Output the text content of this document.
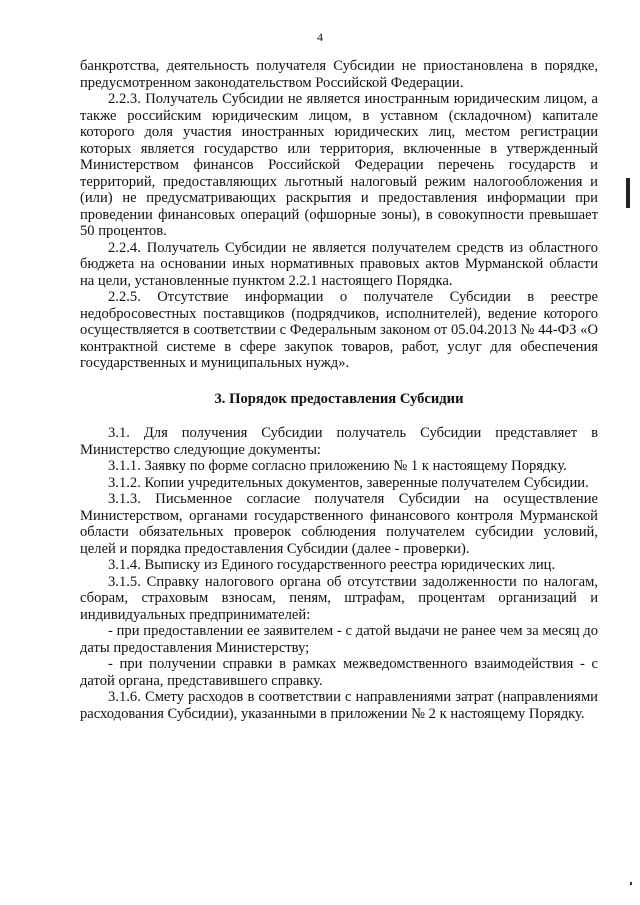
4

банкротства, деятельность получателя Субсидии не приостановлена в порядке, предусмотренном законодательством Российской Федерации.

2.2.3. Получатель Субсидии не является иностранным юридическим лицом, а также российским юридическим лицом, в уставном (складочном) капитале которого доля участия иностранных юридических лиц, местом регистрации которых является государство или территория, включенные в утвержденный Министерством финансов Российской Федерации перечень государств и территорий, предоставляющих льготный налоговый режим налогообложения и (или) не предусматривающих раскрытия и предоставления информации при проведении финансовых операций (офшорные зоны), в совокупности превышает 50 процентов.

2.2.4. Получатель Субсидии не является получателем средств из областного бюджета на основании иных нормативных правовых актов Мурманской области на цели, установленные пунктом 2.2.1 настоящего Порядка.

2.2.5. Отсутствие информации о получателе Субсидии в реестре недобросовестных поставщиков (подрядчиков, исполнителей), ведение которого осуществляется в соответствии с Федеральным законом от 05.04.2013 № 44-ФЗ «О контрактной системе в сфере закупок товаров, работ, услуг для обеспечения государственных и муниципальных нужд».

3. Порядок предоставления Субсидии

3.1. Для получения Субсидии получатель Субсидии представляет в Министерство следующие документы:

3.1.1. Заявку по форме согласно приложению № 1 к настоящему Порядку.

3.1.2. Копии учредительных документов, заверенные получателем Субсидии.

3.1.3. Письменное согласие получателя Субсидии на осуществление Министерством, органами государственного финансового контроля Мурманской области обязательных проверок соблюдения получателем субсидии условий, целей и порядка предоставления Субсидии (далее - проверки).

3.1.4. Выписку из Единого государственного реестра юридических лиц.

3.1.5. Справку налогового органа об отсутствии задолженности по налогам, сборам, страховым взносам, пеням, штрафам, процентам организаций и индивидуальных предпринимателей:

- при предоставлении ее заявителем - с датой выдачи не ранее чем за месяц до даты предоставления Министерству;

- при получении справки в рамках межведомственного взаимодействия - с датой органа, представившего справку.

3.1.6. Смету расходов в соответствии с направлениями затрат (направлениями расходования Субсидии), указанными в приложении № 2 к настоящему Порядку.
